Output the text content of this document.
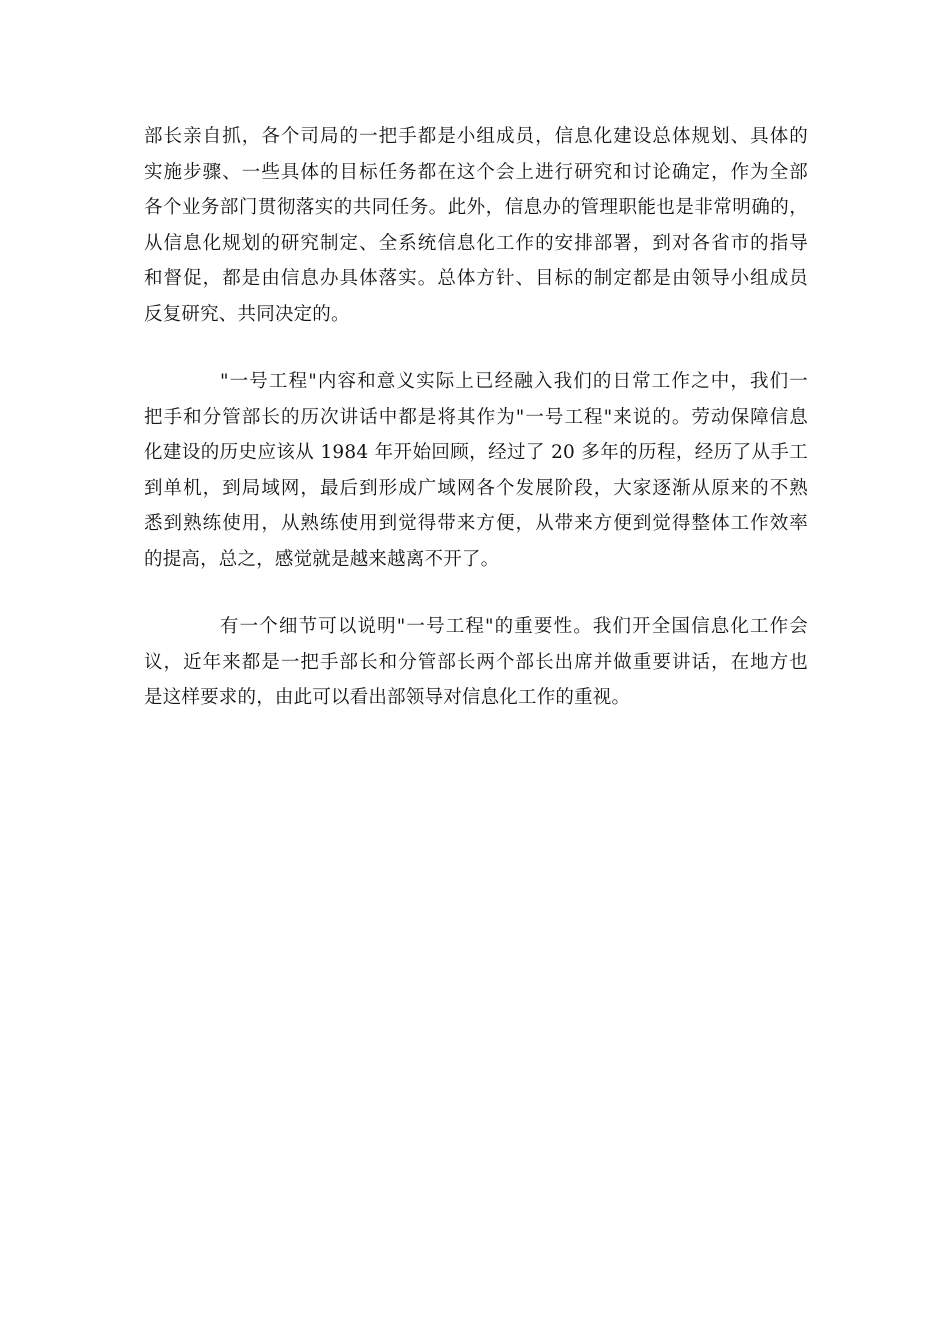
部长亲自抓，各个司局的一把手都是小组成员，信息化建设总体规划、具体的
实施步骤、一些具体的目标任务都在这个会上进行研究和讨论确定，作为全部
各个业务部门贯彻落实的共同任务。此外，信息办的管理职能也是非常明确的，
从信息化规划的研究制定、全系统信息化工作的安排部署，到对各省市的指导
和督促，都是由信息办具体落实。总体方针、目标的制定都是由领导小组成员
反复研究、共同决定的。
"一号工程"内容和意义实际上已经融入我们的日常工作之中，我们一
把手和分管部长的历次讲话中都是将其作为"一号工程"来说的。劳动保障信息
化建设的历史应该从 1984 年开始回顾，经过了 20 多年的历程，经历了从手工
到单机，到局域网，最后到形成广域网各个发展阶段，大家逐渐从原来的不熟
悉到熟练使用，从熟练使用到觉得带来方便，从带来方便到觉得整体工作效率
的提高，总之，感觉就是越来越离不开了。
有一个细节可以说明"一号工程"的重要性。我们开全国信息化工作会
议，近年来都是一把手部长和分管部长两个部长出席并做重要讲话，在地方也
是这样要求的，由此可以看出部领导对信息化工作的重视。
